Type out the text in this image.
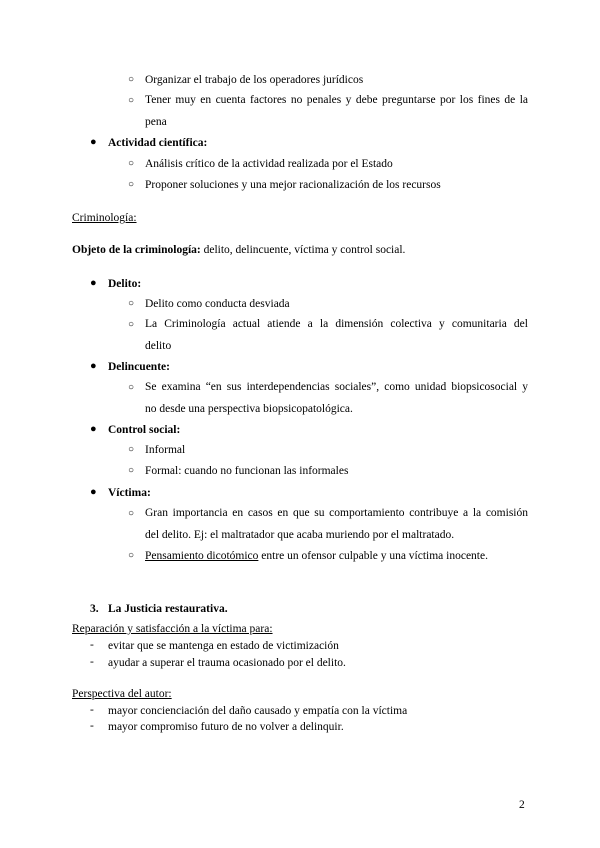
○ Organizar el trabajo de los operadores jurídicos
○ Tener muy en cuenta factores no penales y debe preguntarse por los fines de la
pena
● Actividad científica:
○ Análisis crítico de la actividad realizada por el Estado
○ Proponer soluciones y una mejor racionalización de los recursos
Criminología:
Objeto de la criminología: delito, delincuente, víctima y control social.
● Delito:
○ Delito como conducta desviada
○ La Criminología actual atiende a la dimensión colectiva y comunitaria del
delito
● Delincuente:
○ Se examina “en sus interdependencias sociales”, como unidad biopsicosocial y
no desde una perspectiva biopsicopatológica.
● Control social:
○ Informal
○ Formal: cuando no funcionan las informales
● Víctima:
○ Gran importancia en casos en que su comportamiento contribuye a la comisión
del delito. Ej: el maltratador que acaba muriendo por el maltratado.
○ Pensamiento dicotómico entre un ofensor culpable y una víctima inocente.
3. La Justicia restaurativa.
Reparación y satisfacción a la víctima para:
- evitar que se mantenga en estado de victimización
- ayudar a superar el trauma ocasionado por el delito.
Perspectiva del autor:
- mayor concienciación del daño causado y empatía con la víctima
- mayor compromiso futuro de no volver a delinquir.
2
